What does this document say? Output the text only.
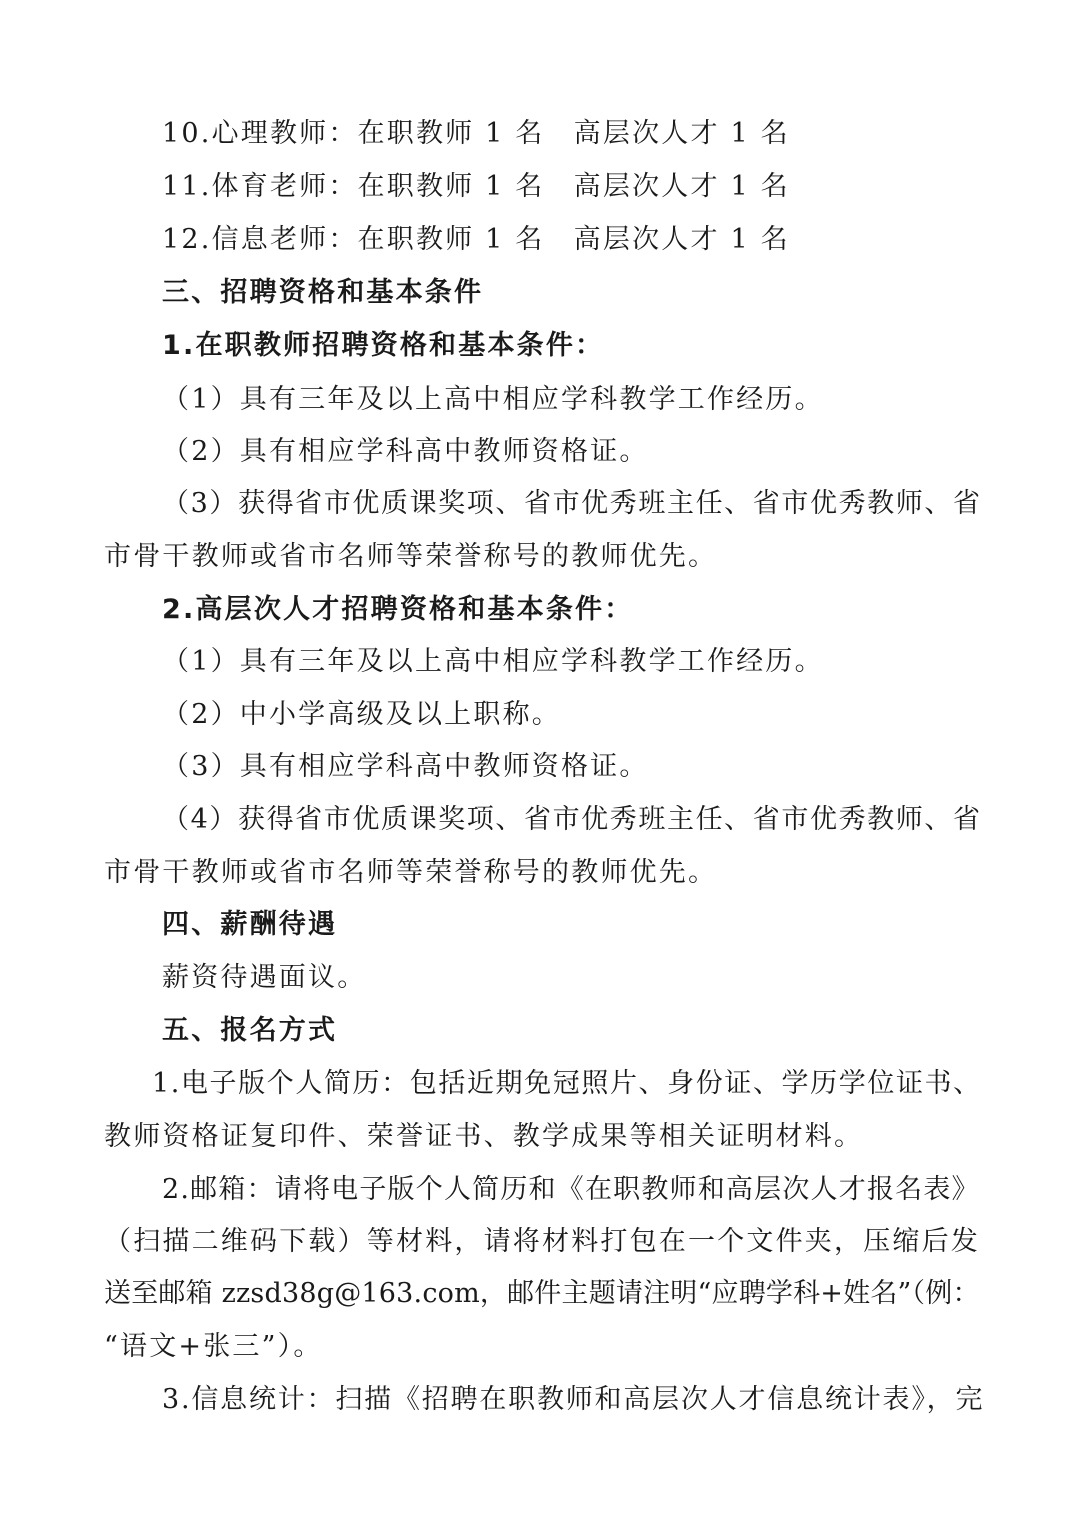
10.心理教师：在职教师 1 名　高层次人才 1 名
11.体育老师：在职教师 1 名　高层次人才 1 名
12.信息老师：在职教师 1 名　高层次人才 1 名
三、招聘资格和基本条件
1.在职教师招聘资格和基本条件：
（1）具有三年及以上高中相应学科教学工作经历。
（2）具有相应学科高中教师资格证。
（3）获得省市优质课奖项、省市优秀班主任、省市优秀教师、省
市骨干教师或省市名师等荣誉称号的教师优先。
2.高层次人才招聘资格和基本条件：
（1）具有三年及以上高中相应学科教学工作经历。
（2）中小学高级及以上职称。
（3）具有相应学科高中教师资格证。
（4）获得省市优质课奖项、省市优秀班主任、省市优秀教师、省
市骨干教师或省市名师等荣誉称号的教师优先。
四、薪酬待遇
薪资待遇面议。
五、报名方式
1.电子版个人简历：包括近期免冠照片、身份证、学历学位证书、
教师资格证复印件、荣誉证书、教学成果等相关证明材料。
2.邮箱：请将电子版个人简历和《在职教师和高层次人才报名表》
（扫描二维码下载）等材料，请将材料打包在一个文件夹，压缩后发
送至邮箱 zzsd38g@163.com，邮件主题请注明“应聘学科+姓名”（例：
“语文+张三”）。
3.信息统计：扫描《招聘在职教师和高层次人才信息统计表》，完
